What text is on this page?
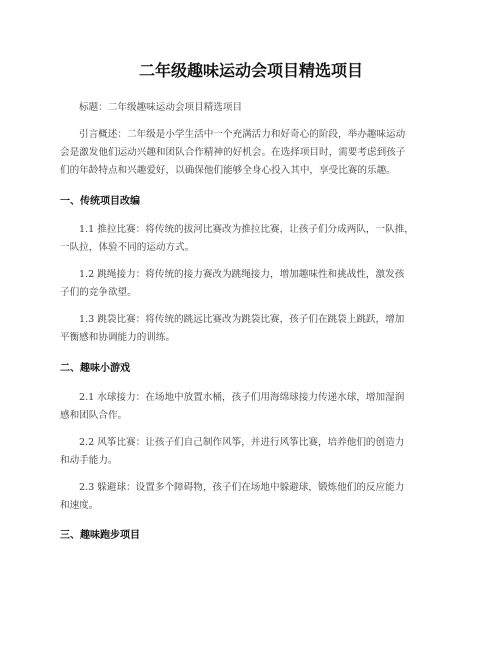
二年级趣味运动会项目精选项目

标题：二年级趣味运动会项目精选项目

引言概述：二年级是小学生活中一个充满活力和好奇心的阶段，举办趣味运动
会是激发他们运动兴趣和团队合作精神的好机会。在选择项目时，需要考虑到孩子
们的年龄特点和兴趣爱好，以确保他们能够全身心投入其中，享受比赛的乐趣。

一、传统项目改编

1.1 推拉比赛：将传统的拔河比赛改为推拉比赛，让孩子们分成两队，一队推，
一队拉，体验不同的运动方式。

1.2 跳绳接力：将传统的接力赛改为跳绳接力，增加趣味性和挑战性，激发孩
子们的竞争欲望。

1.3 跳袋比赛：将传统的跳远比赛改为跳袋比赛，孩子们在跳袋上跳跃，增加
平衡感和协调能力的训练。

二、趣味小游戏

2.1 水球接力：在场地中放置水桶，孩子们用海绵球接力传递水球，增加湿润
感和团队合作。

2.2 风筝比赛：让孩子们自己制作风筝，并进行风筝比赛，培养他们的创造力
和动手能力。

2.3 躲避球：设置多个障碍物，孩子们在场地中躲避球，锻炼他们的反应能力
和速度。

三、趣味跑步项目
